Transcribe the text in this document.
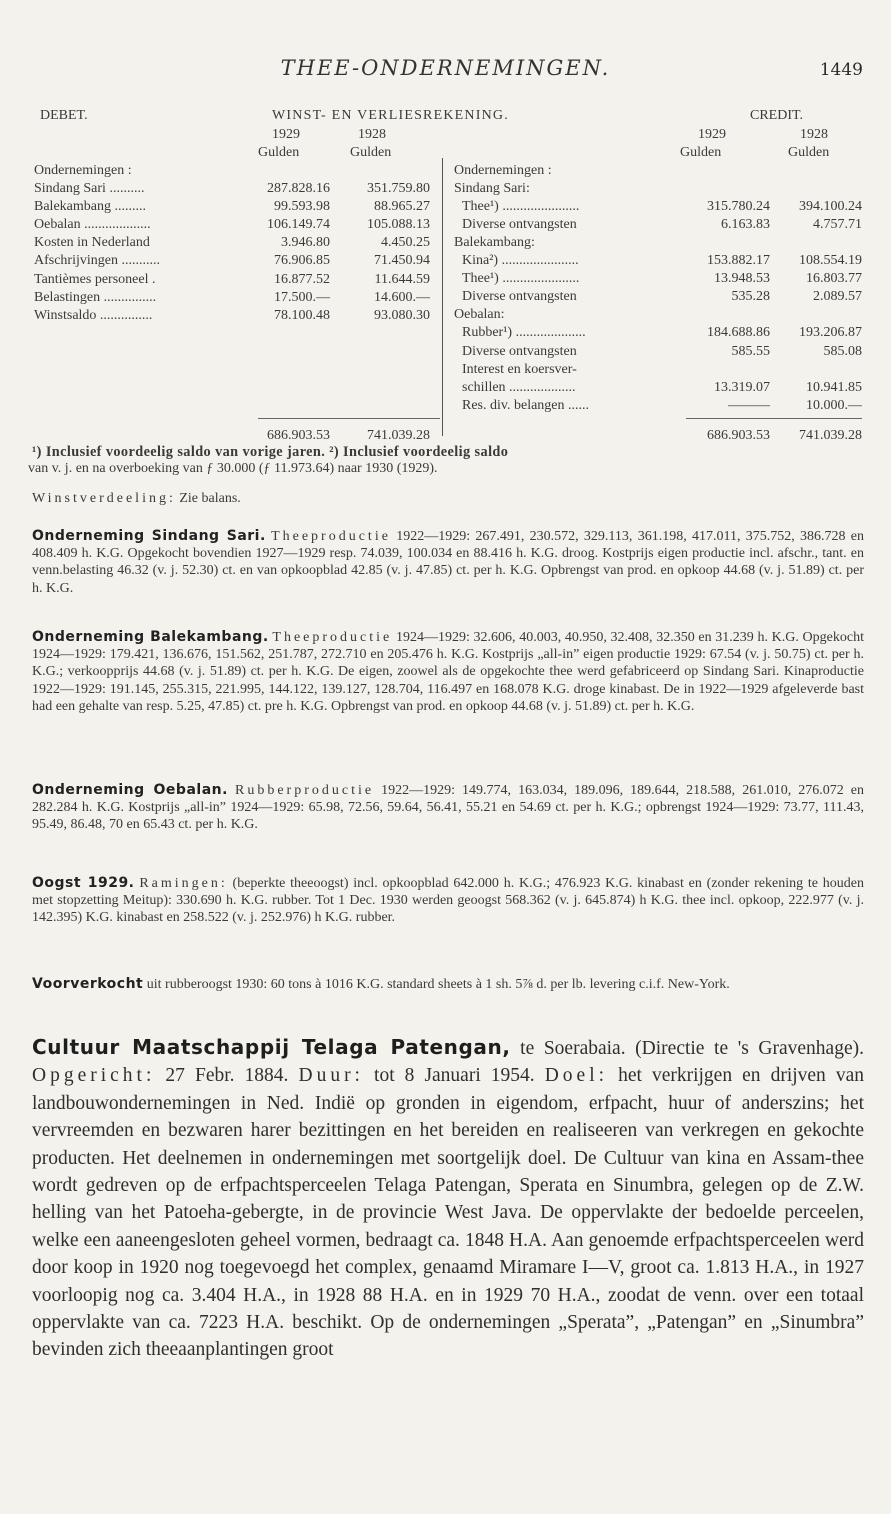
THEE-ONDERNEMINGEN.	1449
DEBET.	WINST- EN VERLIESREKENING.	CREDIT.
1929	1928	1929	1928
Gulden	Gulden	Gulden	Gulden
Ondernemingen :
Sindang Sari ..........	287.828.16	351.759.80
Balekambang .........	99.593.98	88.965.27
Oebalan ...................	106.149.74	105.088.13
Kosten in Nederland	3.946.80	4.450.25
Afschrijvingen ...........	76.906.85	71.450.94
Tantièmes personeel .	16.877.52	11.644.59
Belastingen ...............	17.500.—	14.600.—
Winstsaldo ...............	78.100.48	93.080.30
Ondernemingen :
Sindang Sari:
Thee¹) ......................	315.780.24	394.100.24
Diverse ontvangsten	6.163.83	4.757.71
Balekambang:
Kina²) ......................	153.882.17	108.554.19
Thee¹) ......................	13.948.53	16.803.77
Diverse ontvangsten	535.28	2.089.57
Oebalan:
Rubber¹) ....................	184.688.86	193.206.87
Diverse ontvangsten	585.55	585.08
Interest en koersver-
schillen ...................	13.319.07	10.941.85
Res. div. belangen ......	———	10.000.—
686.903.53	741.039.28	686.903.53	741.039.28
¹) Inclusief voordeelig saldo van vorige jaren. ²) Inclusief voordeelig saldo
van v. j. en na overboeking van ƒ 30.000 (ƒ 11.973.64) naar 1930 (1929).
Winstverdeeling: Zie balans.
Onderneming Sindang Sari. Theeproductie 1922—1929: 267.491, 230.572, 329.113, 361.198, 417.011, 375.752, 386.728 en 408.409 h. K.G. Opgekocht bovendien 1927—1929 resp. 74.039, 100.034 en 88.416 h. K.G. droog. Kostprijs eigen productie incl. afschr., tant. en venn.belasting 46.32 (v. j. 52.30) ct. en van opkoopblad 42.85 (v. j. 47.85) ct. per h. K.G. Opbrengst van prod. en opkoop 44.68 (v. j. 51.89) ct. per h. K.G.
Onderneming Balekambang. Theeproductie 1924—1929: 32.606, 40.003, 40.950, 32.408, 32.350 en 31.239 h. K.G. Opgekocht 1924—1929: 179.421, 136.676, 151.562, 251.787, 272.710 en 205.476 h. K.G. Kostprijs „all-in” eigen productie 1929: 67.54 (v. j. 50.75) ct. per h. K.G.; verkoopprijs 44.68 (v. j. 51.89) ct. per h. K.G. De eigen, zoowel als de opgekochte thee werd gefabriceerd op Sindang Sari. Kinaproductie 1922—1929: 191.145, 255.315, 221.995, 144.122, 139.127, 128.704, 116.497 en 168.078 K.G. droge kinabast. De in 1922—1929 afgeleverde bast had een gehalte van resp. 5.25, 47.85) ct. pre h. K.G. Opbrengst van prod. en opkoop 44.68 (v. j. 51.89) ct. per h. K.G.
Onderneming Oebalan. Rubberproductie 1922—1929: 149.774, 163.034, 189.096, 189.644, 218.588, 261.010, 276.072 en 282.284 h. K.G. Kostprijs „all-in” 1924—1929: 65.98, 72.56, 59.64, 56.41, 55.21 en 54.69 ct. per h. K.G.; opbrengst 1924—1929: 73.77, 111.43, 95.49, 86.48, 70 en 65.43 ct. per h. K.G.
Oogst 1929. Ramingen: (beperkte theeoogst) incl. opkoopblad 642.000 h. K.G.; 476.923 K.G. kinabast en (zonder rekening te houden met stopzetting Meitup): 330.690 h. K.G. rubber. Tot 1 Dec. 1930 werden geoogst 568.362 (v. j. 645.874) h K.G. thee incl. opkoop, 222.977 (v. j. 142.395) K.G. kinabast en 258.522 (v. j. 252.976) h K.G. rubber.
Voorverkocht uit rubberoogst 1930: 60 tons à 1016 K.G. standard sheets à 1 sh. 5⅞ d. per lb. levering c.i.f. New-York.
Cultuur Maatschappij Telaga Patengan, te Soerabaia. (Directie te 's Gravenhage). Opgericht: 27 Febr. 1884. Duur: tot 8 Januari 1954. Doel: het verkrijgen en drijven van landbouwondernemingen in Ned. Indië op gronden in eigendom, erfpacht, huur of anderszins; het vervreemden en bezwaren harer bezittingen en het bereiden en realiseeren van verkregen en gekochte producten. Het deelnemen in ondernemingen met soortgelijk doel. De Cultuur van kina en Assam-thee wordt gedreven op de erfpachtsperceelen Telaga Patengan, Sperata en Sinumbra, gelegen op de Z.W. helling van het Patoeha-gebergte, in de provincie West Java. De oppervlakte der bedoelde perceelen, welke een aaneengesloten geheel vormen, bedraagt ca. 1848 H.A. Aan genoemde erfpachtsperceelen werd door koop in 1920 nog toegevoegd het complex, genaamd Miramare I—V, groot ca. 1.813 H.A., in 1927 voorloopig nog ca. 3.404 H.A., in 1928 88 H.A. en in 1929 70 H.A., zoodat de venn. over een totaal oppervlakte van ca. 7223 H.A. beschikt. Op de ondernemingen „Sperata”, „Patengan” en „Sinumbra” bevinden zich theeaanplantingen groot
